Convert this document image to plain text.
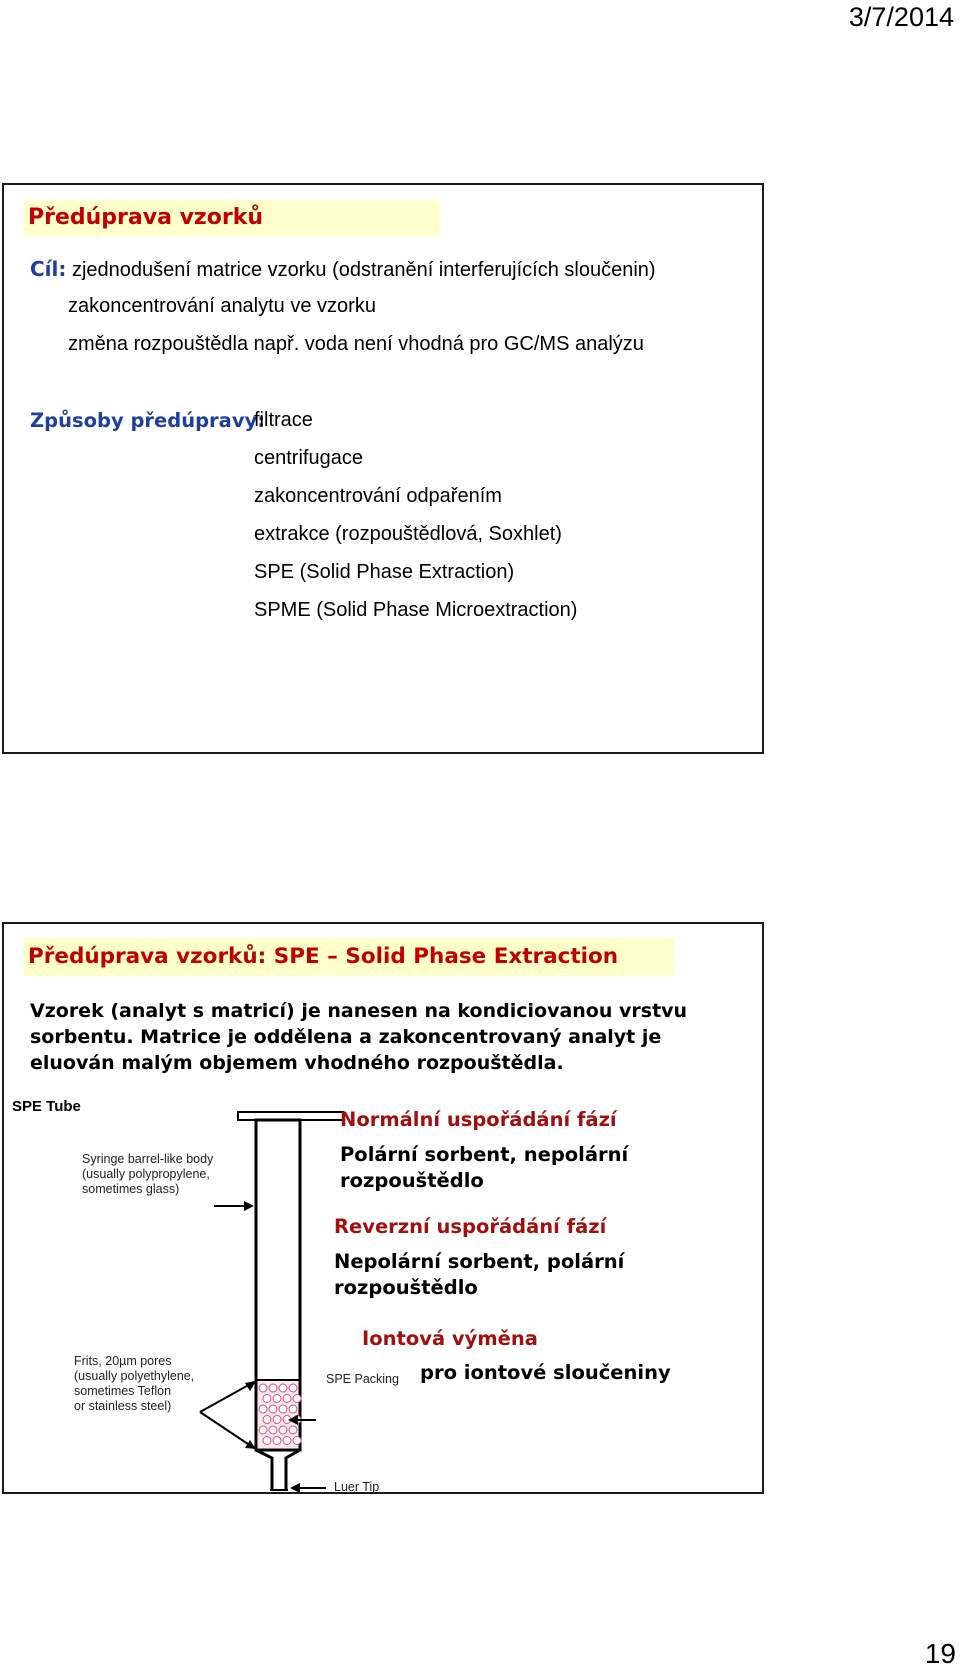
3/7/2014
Předúprava vzorků
Cíl: zjednodušení matrice vzorku (odstranění interferujících sloučenin)
zakoncentrování analytu ve vzorku
změna rozpouštědla např. voda není vhodná pro GC/MS analýzu
Způsoby předúpravy:
filtrace
centrifugace
zakoncentrování odpařením
extrakce (rozpouštědlová, Soxhlet)
SPE (Solid Phase Extraction)
SPME (Solid Phase Microextraction)
Předúprava vzorků: SPE – Solid Phase Extraction
Vzorek (analyt s matricí) je nanesen na kondiciovanou vrstvu
sorbentu. Matrice je oddělena a zakoncentrovaný analyt je
eluován malým objemem vhodného rozpouštědla.
SPE Tube
Syringe barrel-like body
(usually polypropylene,
sometimes glass)
Frits, 20µm pores
(usually polyethylene,
sometimes Teflon
or stainless steel)
SPE Packing
Luer Tip
Normální uspořádání fází
Polární sorbent, nepolární
rozpouštědlo
Reverzní uspořádání fází
Nepolární sorbent, polární
rozpouštědlo
Iontová výměna
pro iontové sloučeniny
19
